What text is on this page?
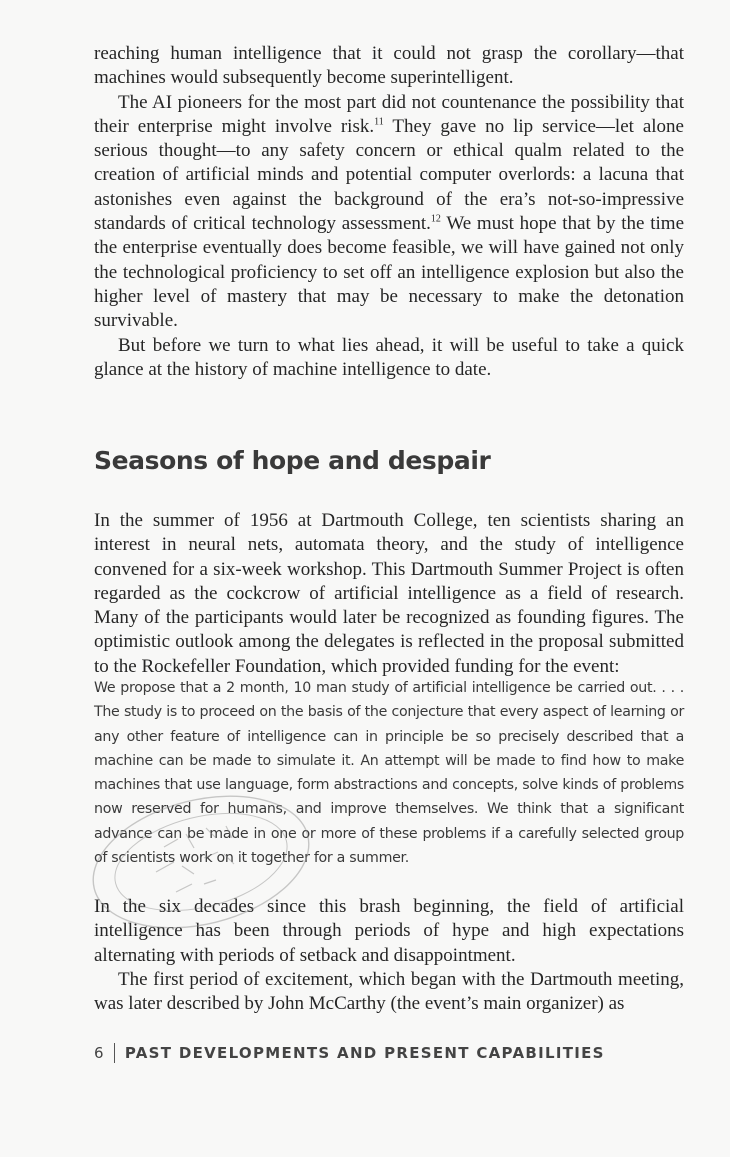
reaching human intelligence that it could not grasp the corollary—that machines would subsequently become superintelligent.

The AI pioneers for the most part did not countenance the possibility that their enterprise might involve risk.$^{11}$ They gave no lip service—let alone serious thought—to any safety concern or ethical qualm related to the creation of artificial minds and potential computer overlords: a lacuna that astonishes even against the background of the era’s not-so-impressive standards of critical technology assessment.$^{12}$ We must hope that by the time the enterprise eventually does become feasible, we will have gained not only the technological proficiency to set off an intelligence explosion but also the higher level of mastery that may be necessary to make the detonation survivable.

But before we turn to what lies ahead, it will be useful to take a quick glance at the history of machine intelligence to date.

Seasons of hope and despair

In the summer of 1956 at Dartmouth College, ten scientists sharing an interest in neural nets, automata theory, and the study of intelligence convened for a six-week workshop. This Dartmouth Summer Project is often regarded as the cockcrow of artificial intelligence as a field of research. Many of the participants would later be recognized as founding figures. The optimistic outlook among the delegates is reflected in the proposal submitted to the Rockefeller Foundation, which provided funding for the event:

We propose that a 2 month, 10 man study of artificial intelligence be carried out. . . . The study is to proceed on the basis of the conjecture that every aspect of learning or any other feature of intelligence can in principle be so precisely described that a machine can be made to simulate it. An attempt will be made to find how to make machines that use language, form abstractions and concepts, solve kinds of problems now reserved for humans, and improve themselves. We think that a significant advance can be made in one or more of these problems if a carefully selected group of scientists work on it together for a summer.

In the six decades since this brash beginning, the field of artificial intelligence has been through periods of hype and high expectations alternating with periods of setback and disappointment.

The first period of excitement, which began with the Dartmouth meeting, was later described by John McCarthy (the event’s main organizer) as

6 PAST DEVELOPMENTS AND PRESENT CAPABILITIES
